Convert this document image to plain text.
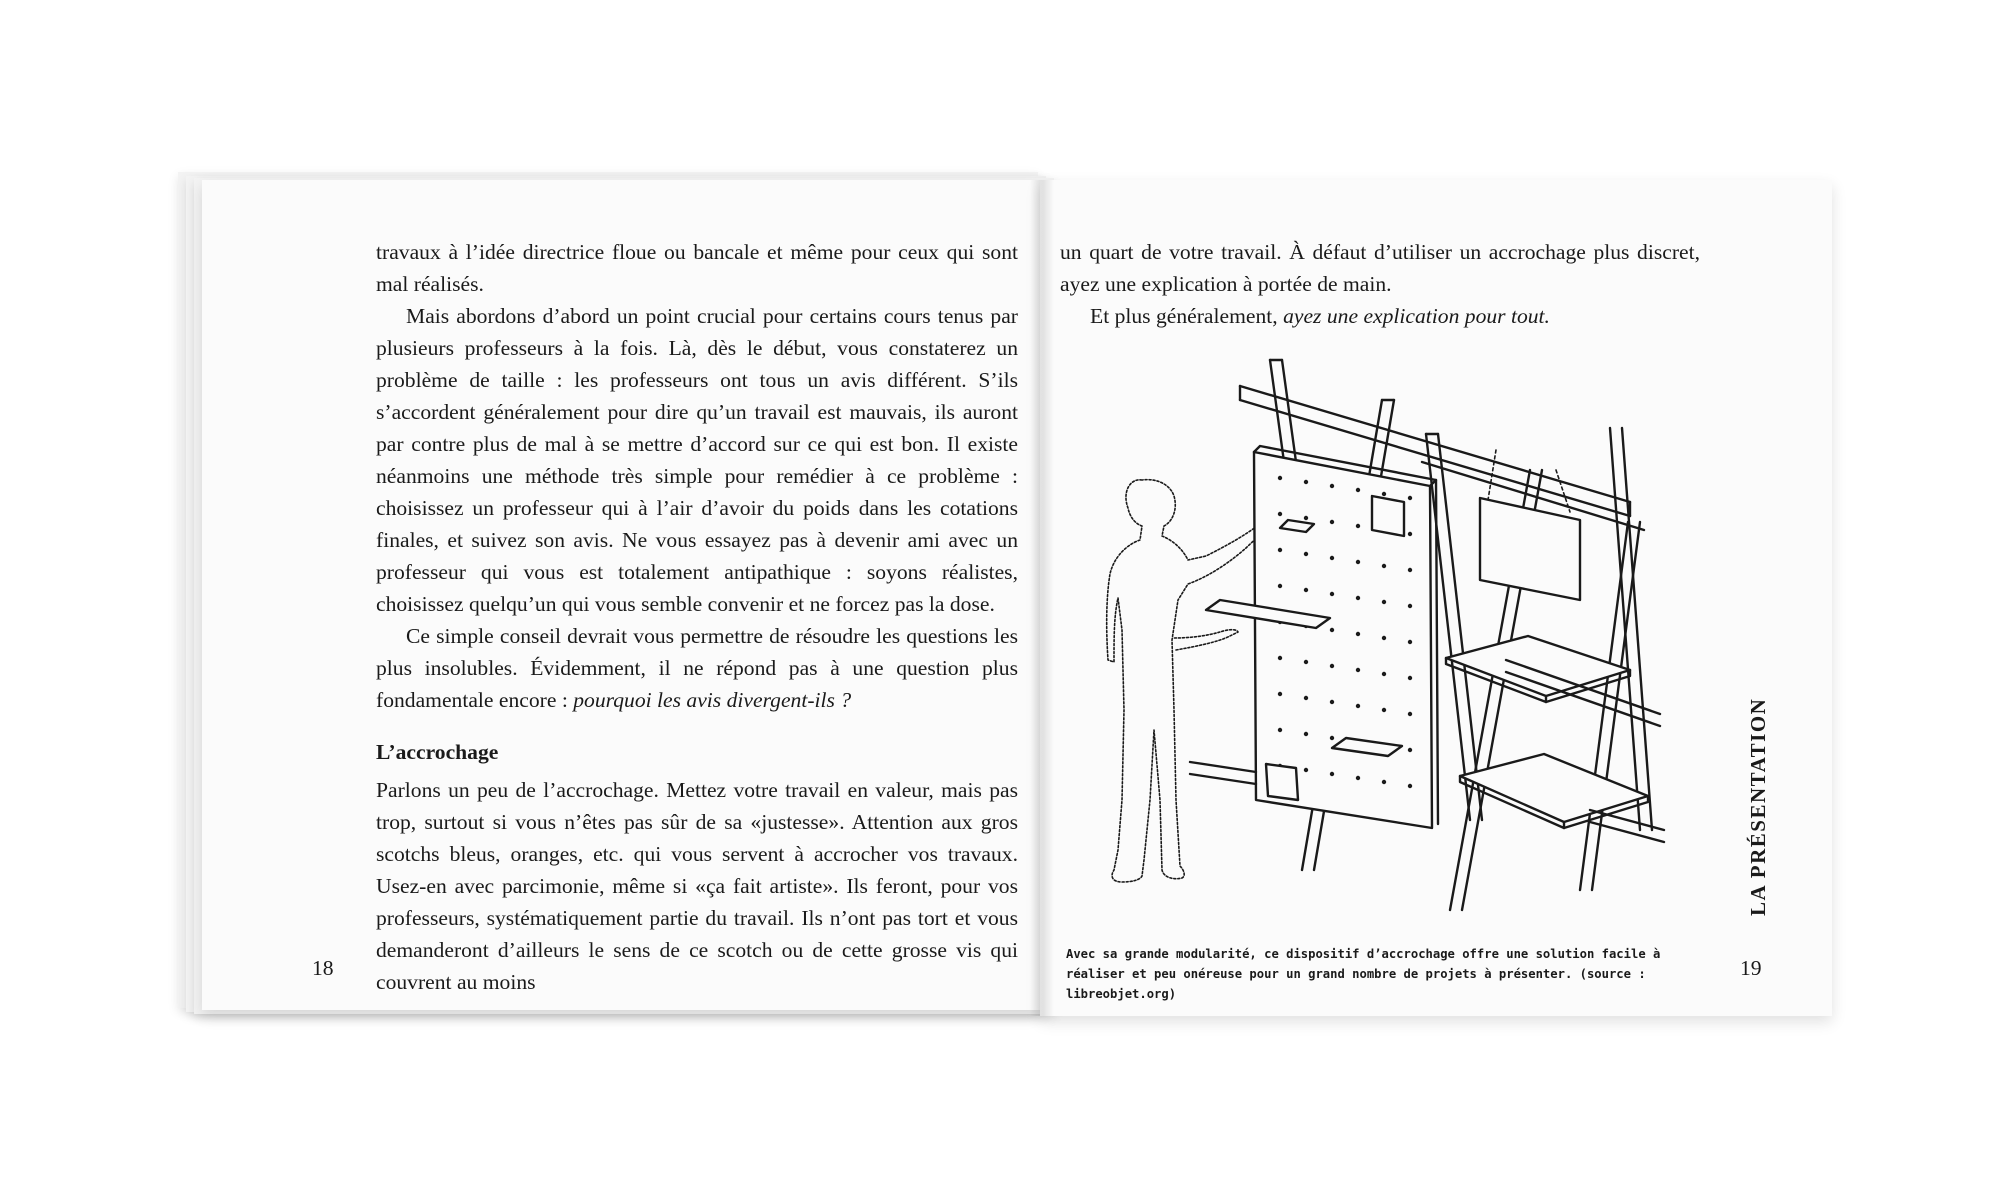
travaux à l’idée directrice floue ou bancale et même pour ceux qui sont mal réalisés.

Mais abordons d’abord un point crucial pour certains cours tenus par plusieurs professeurs à la fois. Là, dès le début, vous constaterez un problème de taille : les professeurs ont tous un avis différent. S’ils s’accordent généralement pour dire qu’un travail est mauvais, ils auront par contre plus de mal à se mettre d’accord sur ce qui est bon. Il existe néanmoins une méthode très simple pour remédier à ce problème : choisissez un professeur qui à l’air d’avoir du poids dans les cotations finales, et suivez son avis. Ne vous essayez pas à devenir ami avec un professeur qui vous est totalement antipathique : soyons réalistes, choisissez quelqu’un qui vous semble convenir et ne forcez pas la dose.

Ce simple conseil devrait vous permettre de résoudre les questions les plus insolubles. Évidemment, il ne répond pas à une question plus fondamentale encore : pourquoi les avis divergent-ils ?

L’accrochage

Parlons un peu de l’accrochage. Mettez votre travail en valeur, mais pas trop, surtout si vous n’êtes pas sûr de sa «justesse». Attention aux gros scotchs bleus, oranges, etc. qui vous servent à accrocher vos travaux. Usez-en avec parcimonie, même si «ça fait artiste». Ils feront, pour vos professeurs, systématiquement partie du travail. Ils n’ont pas tort et vous demanderont d’ailleurs le sens de ce scotch ou de cette grosse vis qui couvrent au moins

18

un quart de votre travail. À défaut d’utiliser un accrochage plus discret, ayez une explication à portée de main.

Et plus généralement, ayez une explication pour tout.

Avec sa grande modularité, ce dispositif d’accrochage offre une solution facile à réaliser et peu onéreuse pour un grand nombre de projets à présenter. (source : libreobjet.org)
LA PRÉSENTATION
19
